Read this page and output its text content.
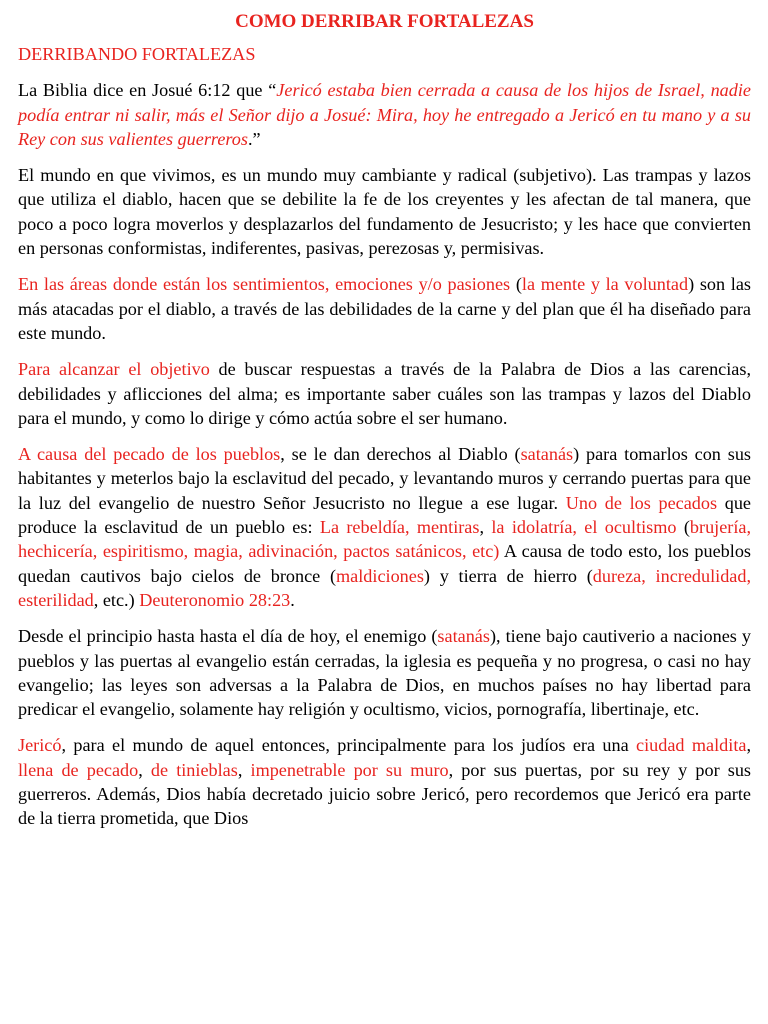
COMO DERRIBAR FORTALEZAS
DERRIBANDO FORTALEZAS

La Biblia dice en Josué 6:12 que “Jericó estaba bien cerrada a causa de los hijos de Israel, nadie podía entrar ni salir, más el Señor dijo a Josué: Mira, hoy he entregado a Jericó en tu mano y a su Rey con sus valientes guerreros.”

El mundo en que vivimos, es un mundo muy cambiante y radical (subjetivo). Las trampas y lazos que utiliza el diablo, hacen que se debilite la fe de los creyentes y les afectan de tal manera, que poco a poco logra moverlos y desplazarlos del fundamento de Jesucristo; y les hace que convierten en personas conformistas, indiferentes, pasivas, perezosas y, permisivas.

En las áreas donde están los sentimientos, emociones y/o pasiones (la mente y la voluntad) son las más atacadas por el diablo, a través de las debilidades de la carne y del plan que él ha diseñado para este mundo.

Para alcanzar el objetivo de buscar respuestas a través de la Palabra de Dios a las carencias, debilidades y aflicciones del alma; es importante saber cuáles son las trampas y lazos del Diablo para el mundo, y como lo dirige y cómo actúa sobre el ser humano.

A causa del pecado de los pueblos, se le dan derechos al Diablo (satanás) para tomarlos con sus habitantes y meterlos bajo la esclavitud del pecado, y levantando muros y cerrando puertas para que la luz del evangelio de nuestro Señor Jesucristo no llegue a ese lugar. Uno de los pecados que produce la esclavitud de un pueblo es: La rebeldía, mentiras, la idolatría, el ocultismo (brujería, hechicería, espiritismo, magia, adivinación, pactos satánicos, etc) A causa de todo esto, los pueblos quedan cautivos bajo cielos de bronce (maldiciones) y tierra de hierro (dureza, incredulidad, esterilidad, etc.) Deuteronomio 28:23.

Desde el principio hasta hasta el día de hoy, el enemigo (satanás), tiene bajo cautiverio a naciones y pueblos y las puertas al evangelio están cerradas, la iglesia es pequeña y no progresa, o casi no hay evangelio; las leyes son adversas a la Palabra de Dios, en muchos países no hay libertad para predicar el evangelio, solamente hay religión y ocultismo, vicios, pornografía, libertinaje, etc.

Jericó, para el mundo de aquel entonces, principalmente para los judíos era una ciudad maldita, llena de pecado, de tinieblas, impenetrable por su muro, por sus puertas, por su rey y por sus guerreros. Además, Dios había decretado juicio sobre Jericó, pero recordemos que Jericó era parte de la tierra prometida, que Dios
